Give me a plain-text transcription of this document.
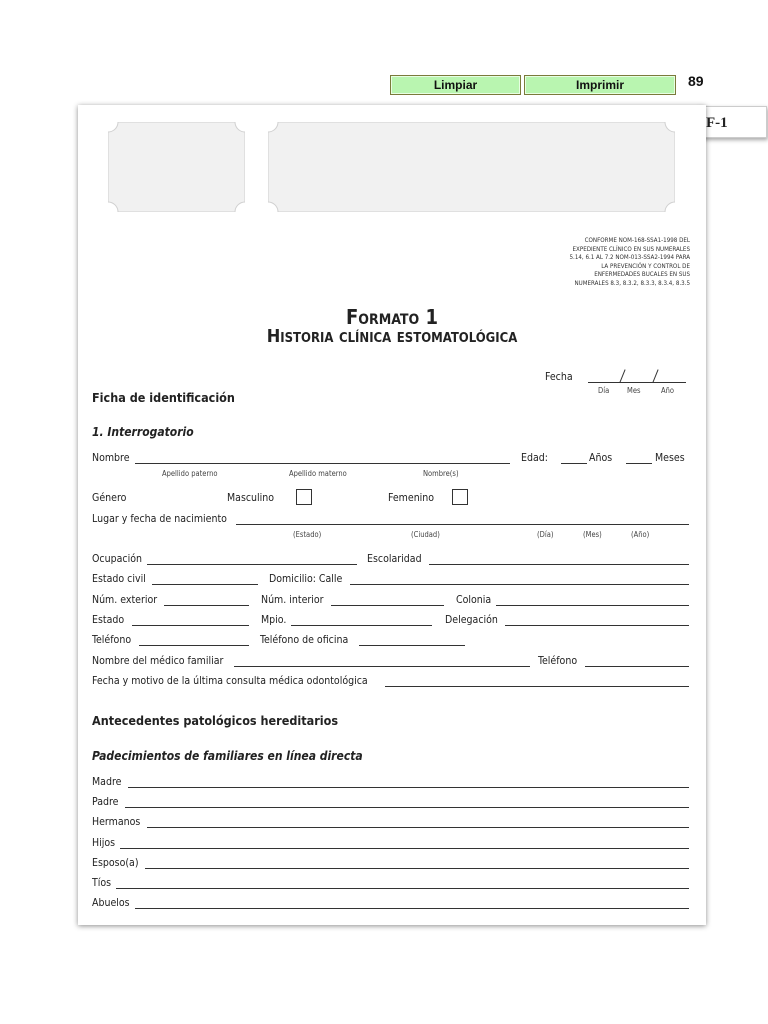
Limpiar	Imprimir	89
F-1
CONFORME NOM-168-SSA1-1998 DEL
EXPEDIENTE CLÍNICO EN SUS NUMERALES
5.14, 6.1 AL 7.2 NOM-013-SSA2-1994 PARA
LA PREVENCIÓN Y CONTROL DE
ENFERMEDADES BUCALES EN SUS
NUMERALES 8.3, 8.3.2, 8.3.3, 8.3.4, 8.3.5
Formato 1
Historia clínica estomatológica
Fecha
Día Mes	Año
Ficha de identificación
1. Interrogatorio
Nombre
Apellido paterno	Apellido materno	Nombre(s)
Edad:	Años	Meses
Género	Masculino	Femenino
Lugar y fecha de nacimiento
(Estado)	(Ciudad)	(Día)	(Mes)	(Año)
Ocupación	Escolaridad
Estado civil	Domicilio: Calle
Núm. exterior	Núm. interior	Colonia
Estado	Mpio.	Delegación
Teléfono	Teléfono de oficina
Nombre del médico familiar	Teléfono
Fecha y motivo de la última consulta médica odontológica
Antecedentes patológicos hereditarios
Padecimientos de familiares en línea directa
Madre
Padre
Hermanos
Hijos
Esposo(a)
Tíos
Abuelos
